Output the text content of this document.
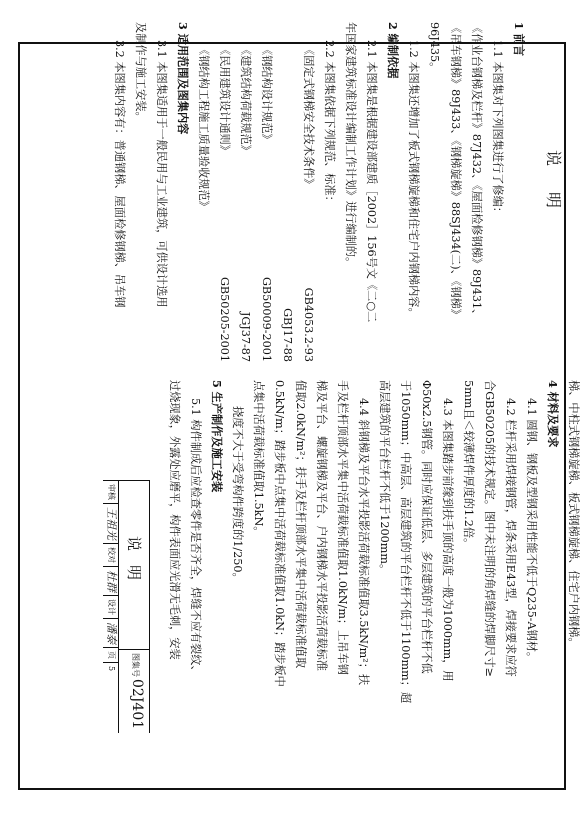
说明
1 前言
1.1 本图集对下列图集进行了修编：
《作业台钢梯及栏杆》87J432、《屋面检修钢梯》89J431、
《吊车钢梯》89J433、《钢梯旋梯》88SJ434(二)、《钢梯》
96J435。
1.2 本图集还增加了板式钢梯旋梯和住宅户内钢梯内容。
2 编制依据
2.1 本图集是根据建设部建质［2002］156号文《二○二
年国家建筑标准设计编制工作计划》进行编制的。
2.2 本图集依据下列规范、标准：
《固定式钢梯安全技术条件》
GB4053.2-93
GBJ17-88
《钢结构设计规范》
GB50009-2001
《建筑结构荷载规范》
JGJ37-87
《民用建筑设计通则》
GB50205-2001
《钢结构工程施工质量验收规范》
3 适用范围及图集内容
3.1 本图集适用于一般民用与工业建筑，可供设计选用
及制作与施工安装。
3.2 本图集内容有：普通钢梯、屋面检修钢梯、吊车钢
梯、中柱式钢梯旋梯、板式钢梯旋梯、住宅户内钢梯。
4 材料及要求
4.1 圆钢、钢板及型钢采用性能不低于Q235-A钢材。
4.2 栏杆采用焊接钢管，焊条采用E43型，焊接要求应符
合GB50205的技术规定。图中未注明的角焊缝的焊脚尺寸≥
5mm且＜较薄焊件厚度的1.2倍。
4.3 本图集踏步前缘到扶手顶的高度一般为1000mm，用
Φ50x2.5钢管。同时应保证低层、多层建筑的平台栏杆不低
于1050mm；中高层、高层建筑的平台栏杆不低于1100mm；超
高层建筑的平台栏杆不低于1200mm。
4.4 斜钢梯及平台水平投影活荷载标准值取3.5kN/m²；扶
手及栏杆顶部水平集中活荷载标准值取1.0kN/m；上吊车钢
梯及平台、螺旋钢梯及平台、户内钢梯水平投影活荷载标准
值取2.0kN/m²；扶手及栏杆顶部水平集中活荷载标准值取
0.5kN/m；踏步板中点集中活荷载标准值取1.0kN；踏步板中
点集中活荷载标准值取1.5kN。
挠度不大于受弯构件跨度的1/250。
5 生产制作及施工安装
5.1 构件制成后应检查零件是否齐全，焊缝不应有裂纹、
过烧现象，外露处应磨平，构件表面应光滑无毛刺，安装
说明
图集号
02J401
审核
王祖光
校对
杜群
设计
潘泰
页
5
